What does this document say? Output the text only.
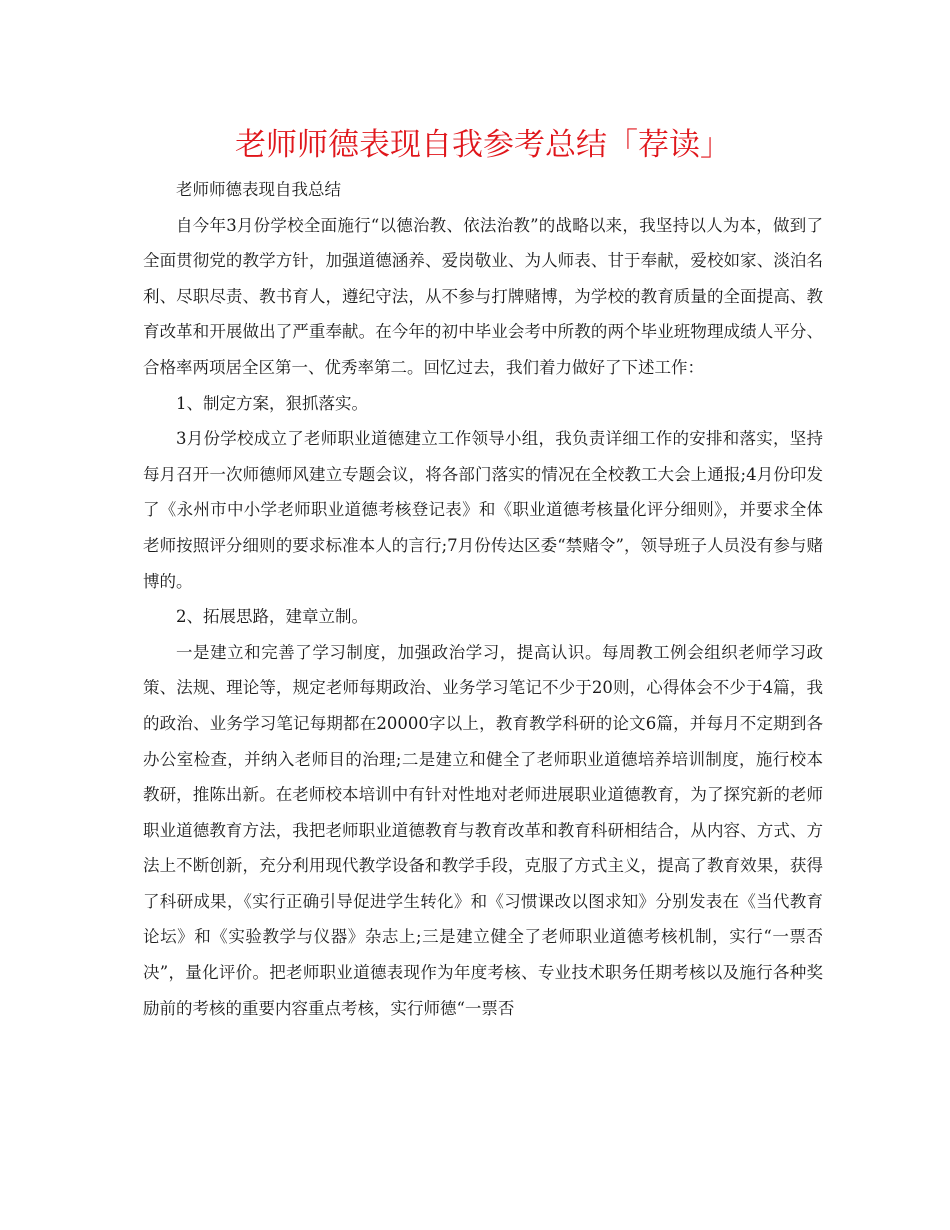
老师师德表现自我参考总结「荐读」

老师师德表现自我总结

自今年3月份学校全面施行“以德治教、依法治教”的战略以来，我坚持以人为本，做到了全面贯彻党的教学方针，加强道德涵养、爱岗敬业、为人师表、甘于奉献，爱校如家、淡泊名利、尽职尽责、教书育人，遵纪守法，从不参与打牌赌博，为学校的教育质量的全面提高、教育改革和开展做出了严重奉献。在今年的初中毕业会考中所教的两个毕业班物理成绩人平分、合格率两项居全区第一、优秀率第二。回忆过去，我们着力做好了下述工作：

1、制定方案，狠抓落实。

3月份学校成立了老师职业道德建立工作领导小组，我负责详细工作的安排和落实，坚持每月召开一次师德师风建立专题会议，将各部门落实的情况在全校教工大会上通报;4月份印发了《永州市中小学老师职业道德考核登记表》和《职业道德考核量化评分细则》，并要求全体老师按照评分细则的要求标准本人的言行;7月份传达区委“禁赌令”，领导班子人员没有参与赌博的。

2、拓展思路，建章立制。

一是建立和完善了学习制度，加强政治学习，提高认识。每周教工例会组织老师学习政策、法规、理论等，规定老师每期政治、业务学习笔记不少于20则，心得体会不少于4篇，我的政治、业务学习笔记每期都在20000字以上，教育教学科研的论文6篇，并每月不定期到各办公室检查，并纳入老师目的治理;二是建立和健全了老师职业道德培养培训制度，施行校本教研，推陈出新。在老师校本培训中有针对性地对老师进展职业道德教育，为了探究新的老师职业道德教育方法，我把老师职业道德教育与教育改革和教育科研相结合，从内容、方式、方法上不断创新，充分利用现代教学设备和教学手段，克服了方式主义，提高了教育效果，获得了科研成果，《实行正确引导促进学生转化》和《习惯课改以图求知》分别发表在《当代教育论坛》和《实验教学与仪器》杂志上;三是建立健全了老师职业道德考核机制，实行“一票否决”，量化评价。把老师职业道德表现作为年度考核、专业技术职务任期考核以及施行各种奖励前的考核的重要内容重点考核，实行师德“一票否
